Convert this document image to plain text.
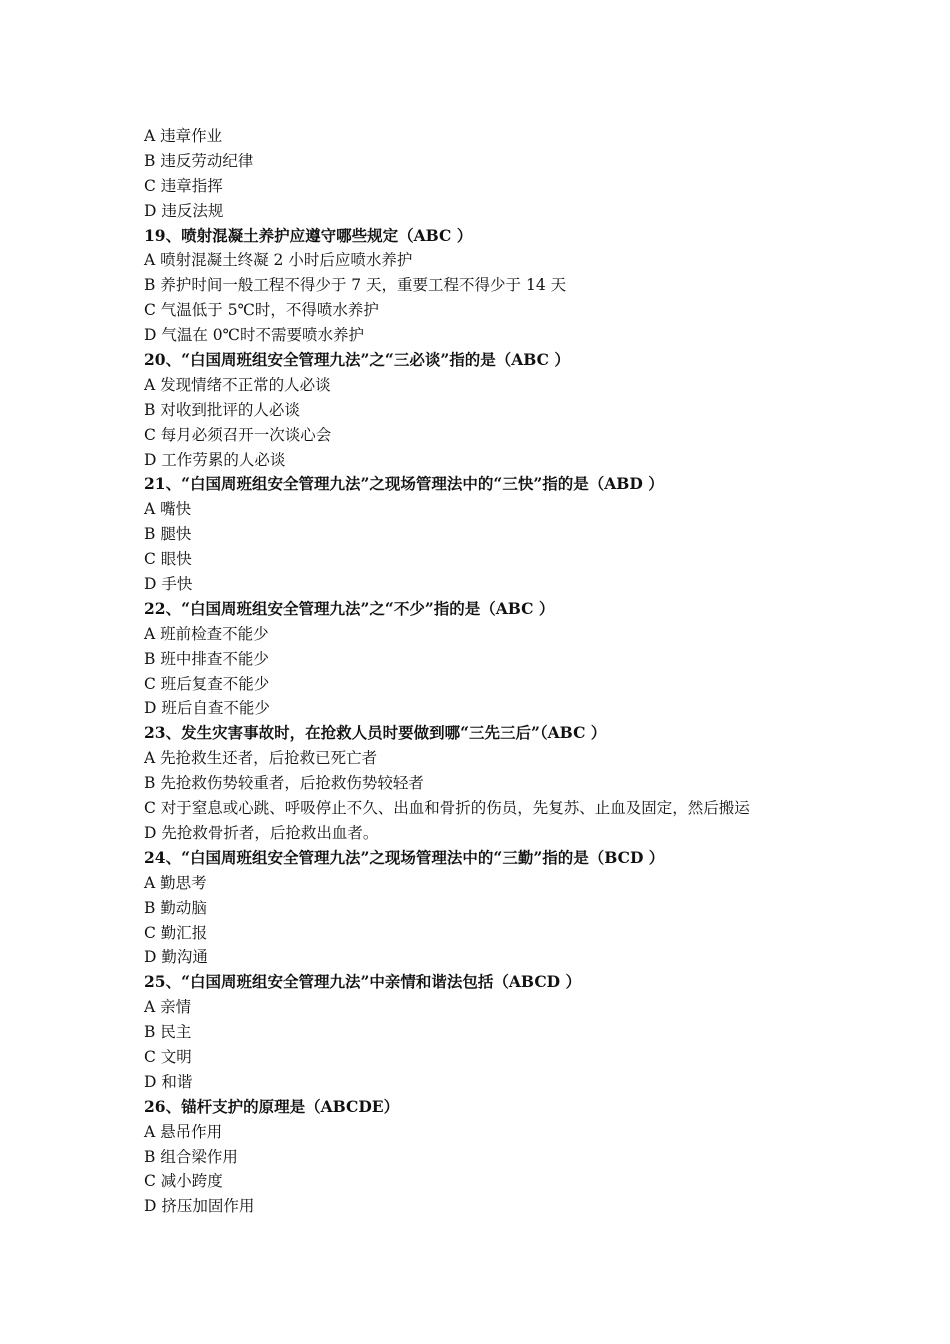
A 违章作业
B 违反劳动纪律
C 违章指挥
D 违反法规
19、喷射混凝土养护应遵守哪些规定（ABC ）
A 喷射混凝土终凝 2 小时后应喷水养护
B 养护时间一般工程不得少于 7 天，重要工程不得少于 14 天
C 气温低于 5℃时，不得喷水养护
D 气温在 0℃时不需要喷水养护
20、“白国周班组安全管理九法”之“三必谈”指的是（ABC ）
A 发现情绪不正常的人必谈
B 对收到批评的人必谈
C 每月必须召开一次谈心会
D 工作劳累的人必谈
21、“白国周班组安全管理九法”之现场管理法中的“三快”指的是（ABD ）
A 嘴快
B 腿快
C 眼快
D 手快
22、“白国周班组安全管理九法”之“不少”指的是（ABC ）
A 班前检查不能少
B 班中排查不能少
C 班后复查不能少
D 班后自查不能少
23、发生灾害事故时，在抢救人员时要做到哪“三先三后”（ABC ）
A 先抢救生还者，后抢救已死亡者
B 先抢救伤势较重者，后抢救伤势较轻者
C 对于窒息或心跳、呼吸停止不久、出血和骨折的伤员，先复苏、止血及固定，然后搬运
D 先抢救骨折者，后抢救出血者。
24、“白国周班组安全管理九法”之现场管理法中的“三勤”指的是（BCD ）
A 勤思考
B 勤动脑
C 勤汇报
D 勤沟通
25、“白国周班组安全管理九法”中亲情和谐法包括（ABCD ）
A 亲情
B 民主
C 文明
D 和谐
26、锚杆支护的原理是（ABCDE）
A 悬吊作用
B 组合梁作用
C 减小跨度
D 挤压加固作用
